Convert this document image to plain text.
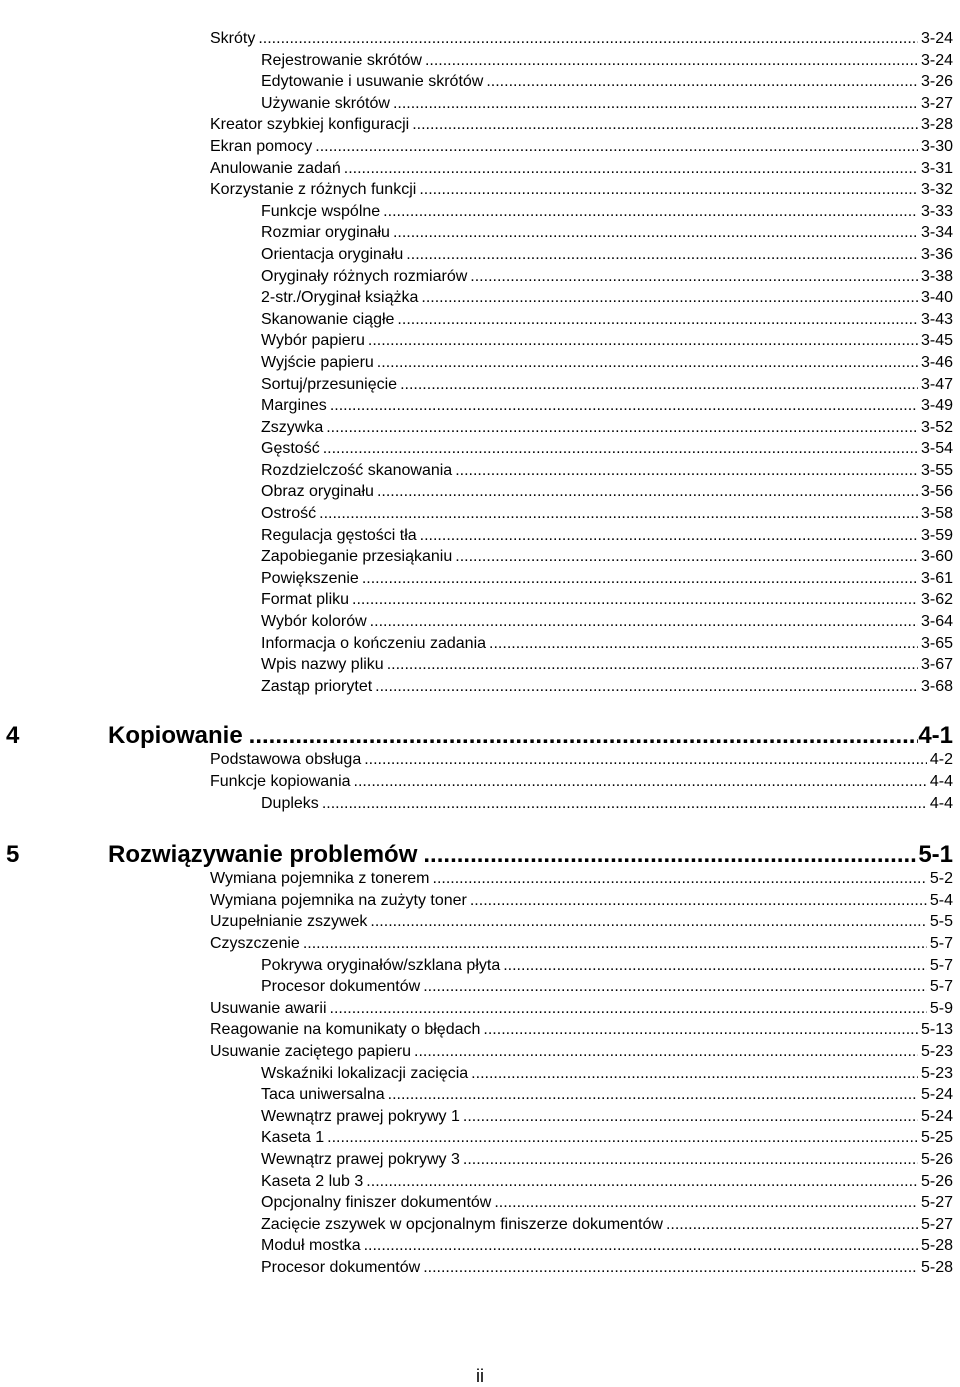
Skróty .....	3-24
Rejestrowanie skrótów .....	3-24
Edytowanie i usuwanie skrótów .....	3-26
Używanie skrótów .....	3-27
Kreator szybkiej konfiguracji .....	3-28
Ekran pomocy .....	3-30
Anulowanie zadań .....	3-31
Korzystanie z różnych funkcji .....	3-32
Funkcje wspólne .....	3-33
Rozmiar oryginału .....	3-34
Orientacja oryginału .....	3-36
Oryginały różnych rozmiarów .....	3-38
2-str./Oryginał książka .....	3-40
Skanowanie ciągłe .....	3-43
Wybór papieru .....	3-45
Wyjście papieru .....	3-46
Sortuj/przesunięcie .....	3-47
Margines .....	3-49
Zszywka .....	3-52
Gęstość .....	3-54
Rozdzielczość skanowania .....	3-55
Obraz oryginału .....	3-56
Ostrość .....	3-58
Regulacja gęstości tła .....	3-59
Zapobieganie przesiąkaniu .....	3-60
Powiększenie .....	3-61
Format pliku .....	3-62
Wybór kolorów .....	3-64
Informacja o kończeniu zadania .....	3-65
Wpis nazwy pliku .....	3-67
Zastąp priorytet .....	3-68
4	Kopiowanie .....	4-1
Podstawowa obsługa .....	4-2
Funkcje kopiowania .....	4-4
Dupleks .....	4-4
5	Rozwiązywanie problemów .....	5-1
Wymiana pojemnika z tonerem .....	5-2
Wymiana pojemnika na zużyty toner .....	5-4
Uzupełnianie zszywek .....	5-5
Czyszczenie .....	5-7
Pokrywa oryginałów/szklana płyta .....	5-7
Procesor dokumentów .....	5-7
Usuwanie awarii .....	5-9
Reagowanie na komunikaty o błędach .....	5-13
Usuwanie zaciętego papieru .....	5-23
Wskaźniki lokalizacji zacięcia .....	5-23
Taca uniwersalna .....	5-24
Wewnątrz prawej pokrywy 1 .....	5-24
Kaseta 1 .....	5-25
Wewnątrz prawej pokrywy 3 .....	5-26
Kaseta 2 lub 3 .....	5-26
Opcjonalny finiszer dokumentów .....	5-27
Zacięcie zszywek w opcjonalnym finiszerze dokumentów .....	5-27
Moduł mostka .....	5-28
Procesor dokumentów .....	5-28
ii
